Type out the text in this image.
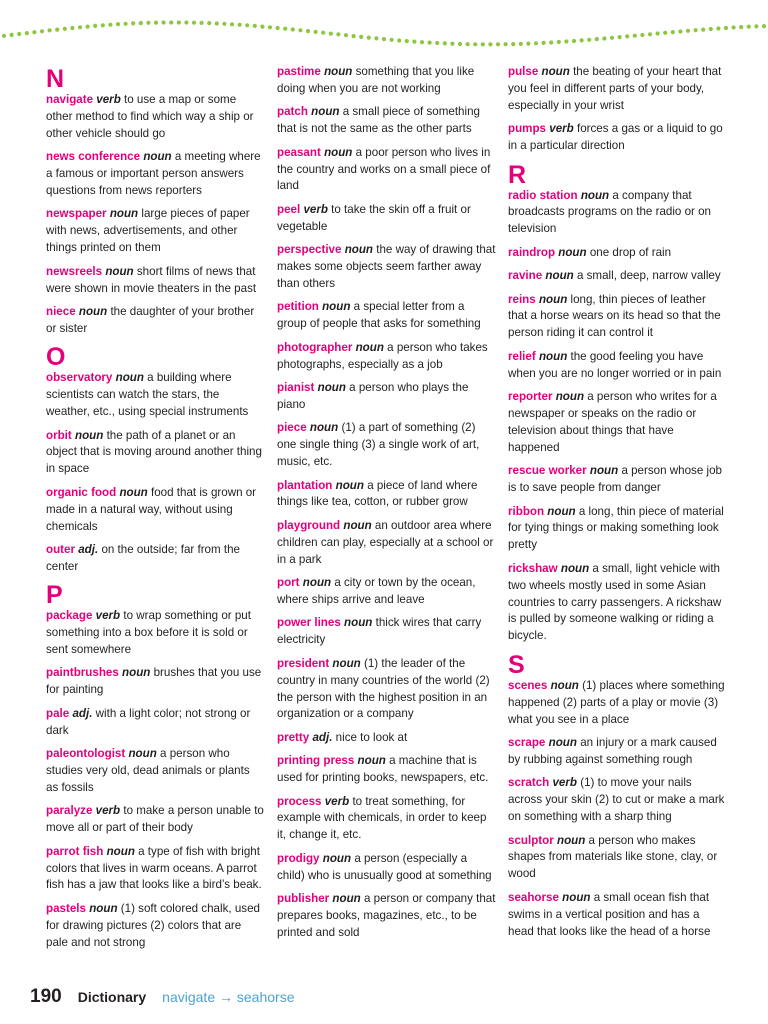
N

navigate verb to use a map or some other method to find which way a ship or other vehicle should go

news conference noun a meeting where a famous or important person answers questions from news reporters

newspaper noun large pieces of paper with news, advertisements, and other things printed on them

newsreels noun short films of news that were shown in movie theaters in the past

niece noun the daughter of your brother or sister

O

observatory noun a building where scientists can watch the stars, the weather, etc., using special instruments

orbit noun the path of a planet or an object that is moving around another thing in space

organic food noun food that is grown or made in a natural way, without using chemicals

outer adj. on the outside; far from the center

P

package verb to wrap something or put something into a box before it is sold or sent somewhere

paintbrushes noun brushes that you use for painting

pale adj. with a light color; not strong or dark

paleontologist noun a person who studies very old, dead animals or plants as fossils

paralyze verb to make a person unable to move all or part of their body

parrot fish noun a type of fish with bright colors that lives in warm oceans. A parrot fish has a jaw that looks like a bird’s beak.

pastels noun (1) soft colored chalk, used for drawing pictures (2) colors that are pale and not strong

pastime noun something that you like doing when you are not working

patch noun a small piece of something that is not the same as the other parts

peasant noun a poor person who lives in the country and works on a small piece of land

peel verb to take the skin off a fruit or vegetable

perspective noun the way of drawing that makes some objects seem farther away than others

petition noun a special letter from a group of people that asks for something

photographer noun a person who takes photographs, especially as a job

pianist noun a person who plays the piano

piece noun (1) a part of something (2) one single thing (3) a single work of art, music, etc.

plantation noun a piece of land where things like tea, cotton, or rubber grow

playground noun an outdoor area where children can play, especially at a school or in a park

port noun a city or town by the ocean, where ships arrive and leave

power lines noun thick wires that carry electricity

president noun (1) the leader of the country in many countries of the world (2) the person with the highest position in an organization or a company

pretty adj. nice to look at

printing press noun a machine that is used for printing books, newspapers, etc.

process verb to treat something, for example with chemicals, in order to keep it, change it, etc.

prodigy noun a person (especially a child) who is unusually good at something

publisher noun a person or company that prepares books, magazines, etc., to be printed and sold

pulse noun the beating of your heart that you feel in different parts of your body, especially in your wrist

pumps verb forces a gas or a liquid to go in a particular direction

R

radio station noun a company that broadcasts programs on the radio or on television

raindrop noun one drop of rain

ravine noun a small, deep, narrow valley

reins noun long, thin pieces of leather that a horse wears on its head so that the person riding it can control it

relief noun the good feeling you have when you are no longer worried or in pain

reporter noun a person who writes for a newspaper or speaks on the radio or television about things that have happened

rescue worker noun a person whose job is to save people from danger

ribbon noun a long, thin piece of material for tying things or making something look pretty

rickshaw noun a small, light vehicle with two wheels mostly used in some Asian countries to carry passengers. A rickshaw is pulled by someone walking or riding a bicycle.

S

scenes noun (1) places where something happened (2) parts of a play or movie (3) what you see in a place

scrape noun an injury or a mark caused by rubbing against something rough

scratch verb (1) to move your nails across your skin (2) to cut or make a mark on something with a sharp thing

sculptor noun a person who makes shapes from materials like stone, clay, or wood

seahorse noun a small ocean fish that swims in a vertical position and has a head that looks like the head of a horse

190 Dictionary navigate → seahorse
